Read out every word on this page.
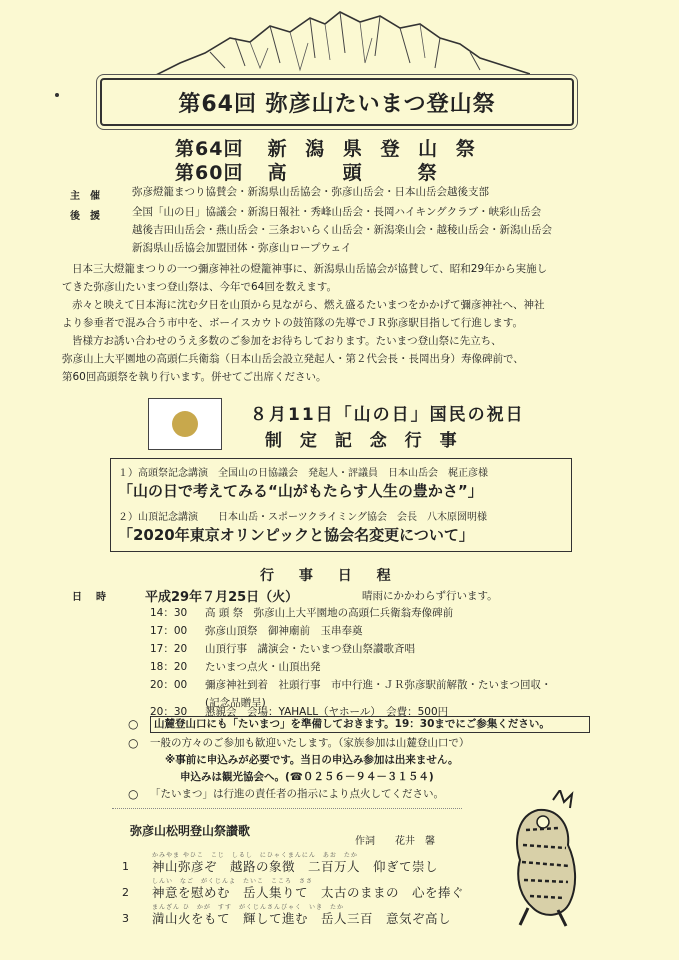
第64回 弥彦山たいまつ登山祭
第64回 新 潟 県 登 山 祭
第60回 高　　頭　　祭
主　催	弥彦燈籠まつり協賛会・新潟県山岳協会・弥彦山岳会・日本山岳会越後支部
後　援	全国「山の日」協議会・新潟日報社・秀峰山岳会・長岡ハイキングクラブ・峡彩山岳会
越後吉田山岳会・燕山岳会・三条おいらく山岳会・新潟楽山会・越稜山岳会・新潟山岳会
新潟県山岳協会加盟団体・弥彦山ロープウェイ
日本三大燈籠まつりの一つ彌彦神社の燈籠神事に、新潟県山岳協会が協賛して、昭和29年から実施し
てきた弥彦山たいまつ登山祭は、今年で64回を数えます。
赤々と映えて日本海に沈む夕日を山頂から見ながら、燃え盛るたいまつをかかげて彌彦神社へ、神社
より参垂者で混み合う市中を、ボーイスカウトの鼓笛隊の先導でＪＲ弥彦駅目指して行進します。
皆様方お誘い合わせのうえ多数のご参加をお待ちしております。たいまつ登山祭に先立ち、
弥彦山上大平園地の高頭仁兵衛翁（日本山岳会設立発起人・第２代会長・長岡出身）寿像碑前で、
第60回高頭祭を執り行います。併せてご出席ください。
８月11日「山の日」国民の祝日
制 定 記 念 行 事
１）高頭祭記念講演　全国山の日協議会　発起人・評議員　日本山岳会　梶正彦様
「山の日で考えてみる“山がもたらす人生の豊かさ”」
２）山頂記念講演　　日本山岳・スポーツクライミング協会　会長　八木原圀明様
「2020年東京オリンピックと協会名変更について」
行 事 日 程
日時 平成29年７月25日（火）	晴雨にかかわらず行います。
14：30 高 頭 祭　弥彦山上大平園地の高頭仁兵衛翁寿像碑前
17：00 弥彦山頂祭　御神廟前　玉串奉奠
17：20 山頂行事　講演会・たいまつ登山祭讃歌斉唱
18：20 たいまつ点火・山頂出発
20：00 彌彦神社到着　社頭行事　市中行進・ＪＲ弥彦駅前解散・たいまつ回収・
(記念品贈呈)
20：30 懇親会　会場：YAHALL（ヤホール）　会費：500円
○	山麓登山口にも「たいまつ」を準備しておきます。19：30までにご参集ください。
○ 一般の方々のご参加も歓迎いたします。（家族参加は山麓登山口で）
※事前に申込みが必要です。当日の申込み参加は出来ません。
申込みは観光協会へ。(☎０２５６－９４－３１５４)
○ 「たいまつ」は行進の責任者の指示により点火してください。
弥彦山松明登山祭讃歌
作詞　　花井　馨
かみやま やひこ　こじ　しるし　にひゃくまんにん　あお　たか
1 神山弥彦ぞ　越路の象徴　二百万人　仰ぎて崇し
しんい　なご　がくじんよ　たいこ　こころ　ささ
2 神意を慰めむ　岳人集りて　太古のままの　心を捧ぐ
まんざん ひ　かが　すす　がくじんさんびゃく　いき　たか
3 満山火をもて　輝して進む　岳人三百　意気ぞ高し
